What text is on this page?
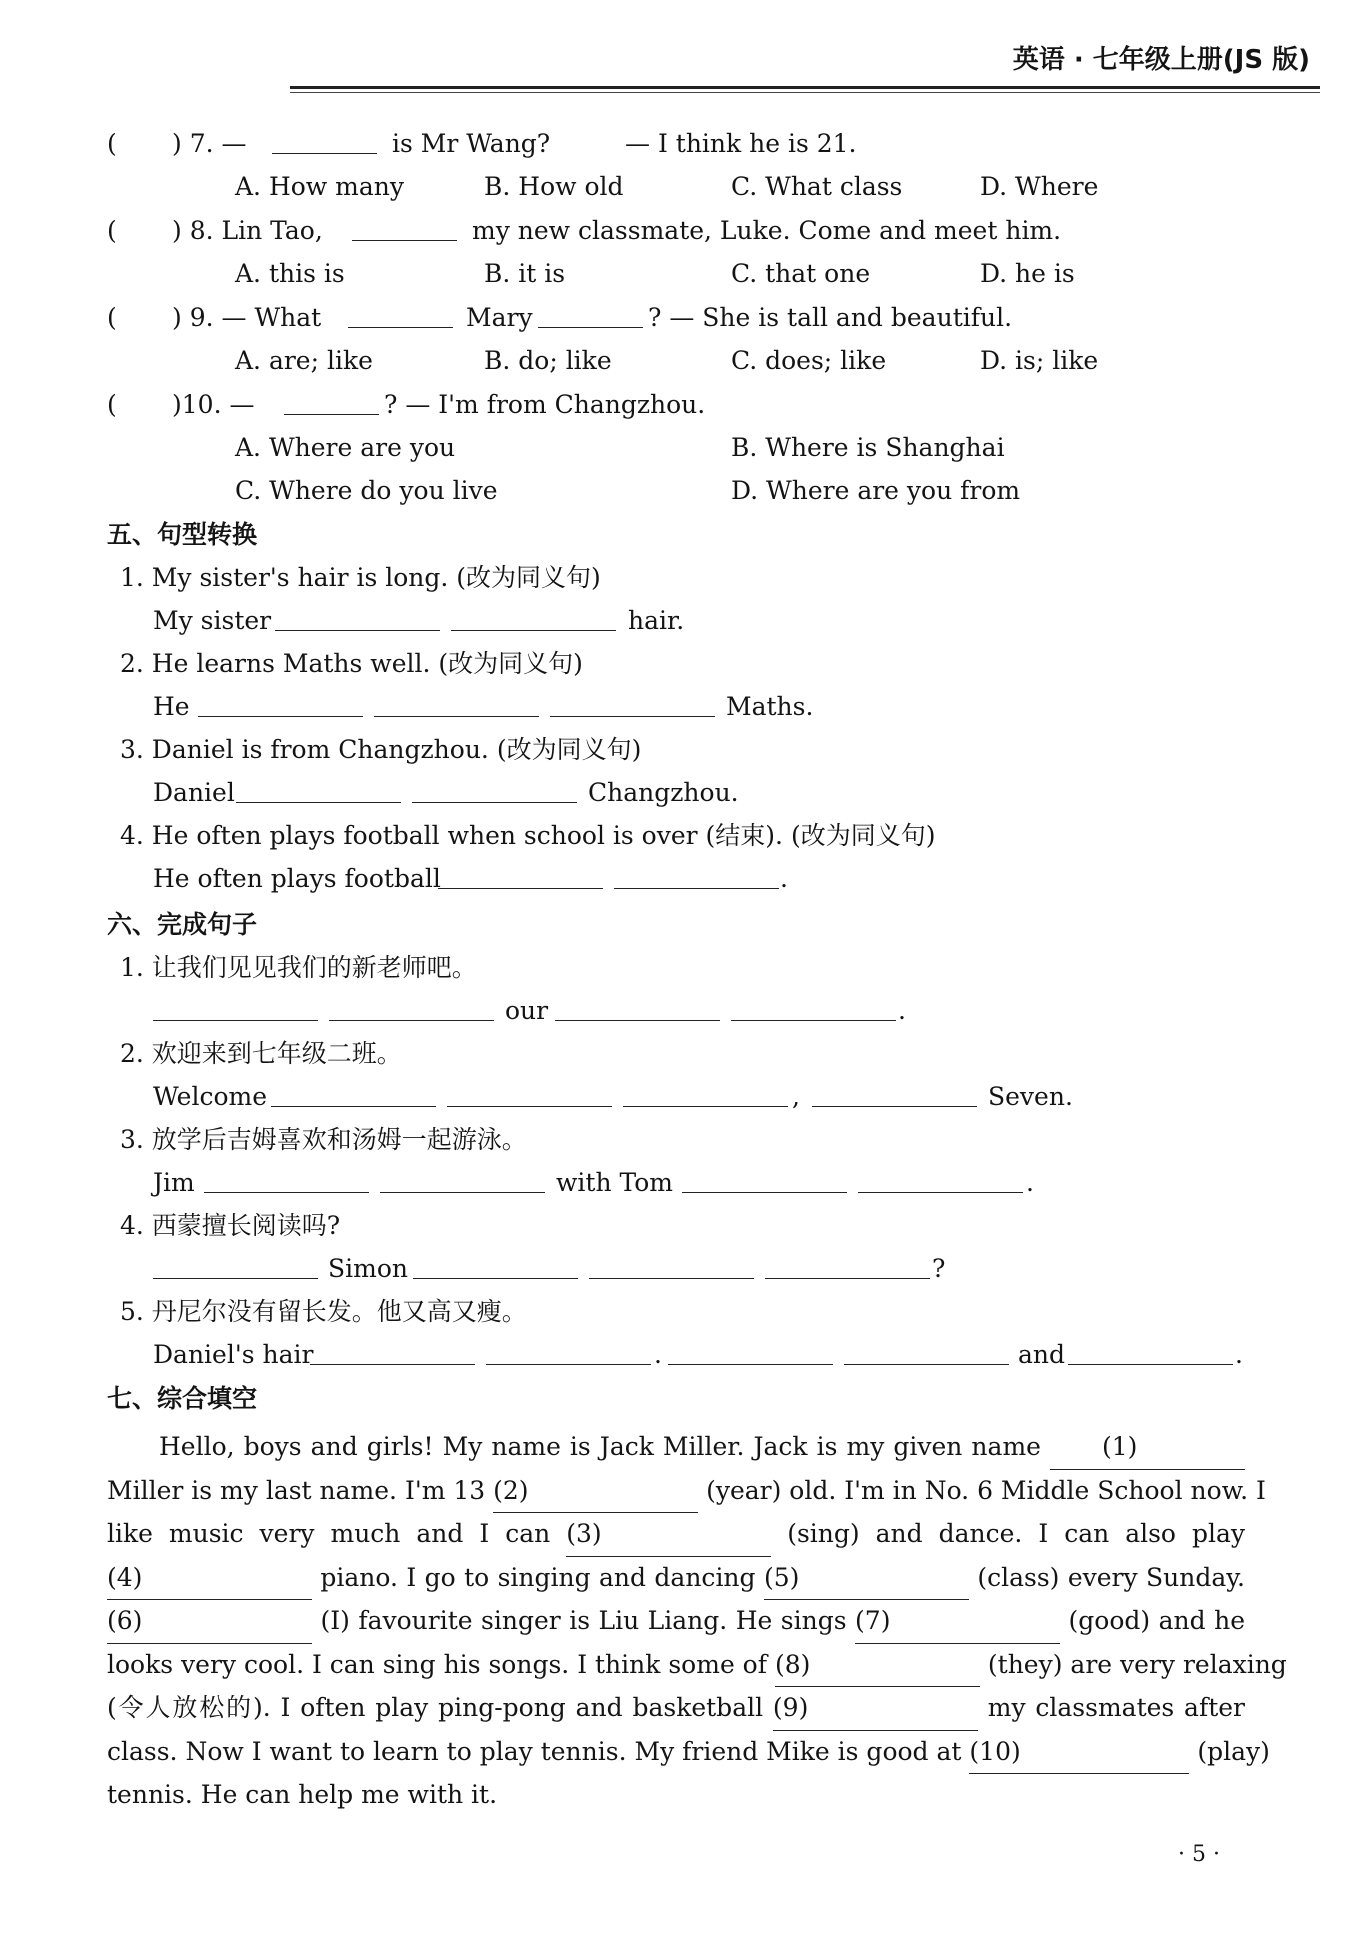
英语 · 七年级上册(JS 版)
( ) 7. —	is Mr Wang?	— I think he is 21.
A. How many	B. How old	C. What class	D. Where
( ) 8. Lin Tao,	my new classmate, Luke. Come and meet him.
A. this is	B. it is	C. that one	D. he is
( ) 9. — What	Mary	? — She is tall and beautiful.
A. are; like	B. do; like	C. does; like	D. is; like
( )10. —	? — I'm from Changzhou.
A. Where are you	B. Where is Shanghai
C. Where do you live	D. Where are you from
五、句型转换
1. My sister's hair is long. (改为同义句)
My sister	hair.
2. He learns Maths well. (改为同义句)
He	Maths.
3. Daniel is from Changzhou. (改为同义句)
Daniel	Changzhou.
4. He often plays football when school is over (结束). (改为同义句)
He often plays football	.
六、完成句子
1. 让我们见见我们的新老师吧。
our	.
2. 欢迎来到七年级二班。
Welcome	,	Seven.
3. 放学后吉姆喜欢和汤姆一起游泳。
Jim	with Tom	.
4. 西蒙擅长阅读吗?
Simon	?
5. 丹尼尔没有留长发。他又高又瘦。
Daniel's hair	.	and	.
七、综合填空
Hello, boys and girls! My name is Jack Miller. Jack is my given name (1)
Miller is my last name. I'm 13 (2)	(year) old. I'm in No. 6 Middle School now. I
like music very much and I can (3)	(sing) and dance. I can also play
(4)	piano. I go to singing and dancing (5)	(class) every Sunday.
(6)	(I) favourite singer is Liu Liang. He sings (7)	(good) and he
looks very cool. I can sing his songs. I think some of (8)	(they) are very relaxing
(令人放松的). I often play ping-pong and basketball (9)	my classmates after
class. Now I want to learn to play tennis. My friend Mike is good at (10)	(play)
tennis. He can help me with it.
· 5 ·
